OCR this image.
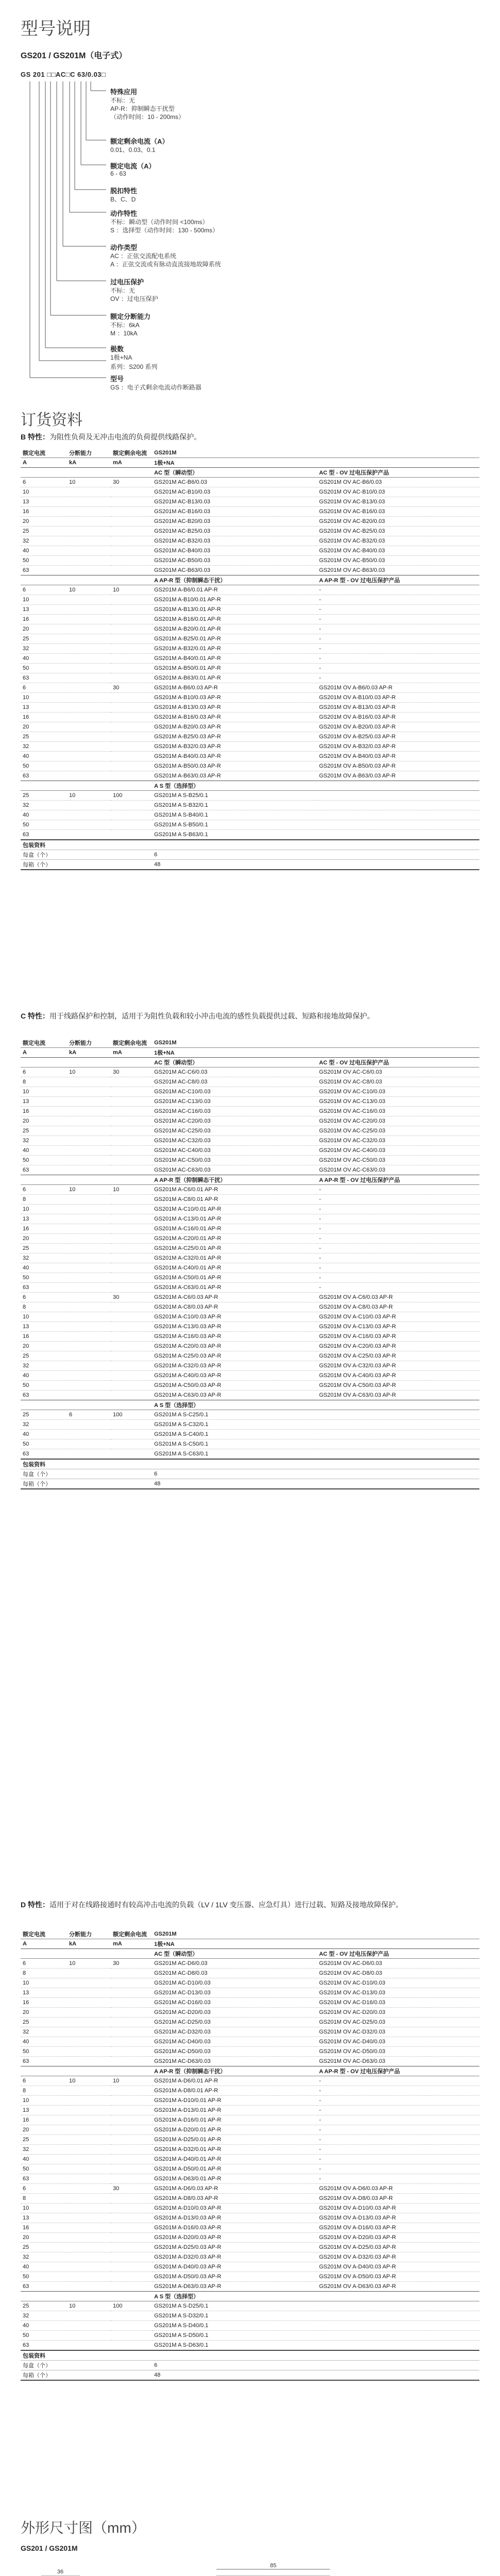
型号说明
GS201 / GS201M（电子式）
GS 201 □□AC□C 63/0.03□
特殊应用
不标：无
AP-R：抑制瞬态干扰型
（动作时间：10 - 200ms）
额定剩余电流（A）
0.01、0.03、0.1
额定电流（A）
6 - 63
脱扣特性
B、C、D
动作特性
不标：瞬动型（动作时间 <100ms）
S ：选择型（动作时间：130 - 500ms）
动作类型
AC ：正弦交流配电系统
A ：正弦交流或有脉动直流接地故障系统
过电压保护
不标：无
OV ：过电压保护
额定分断能力
不标：6kA
M ：10kA
极数
1极+NA
系列：S200 系列
型号
GS ：电子式剩余电流动作断路器
订货资料
B 特性：为阻性负荷及无冲击电流的负荷提供线路保护。
额定电流	分断能力	额定剩余电流	GS201M	
A	kA	mA	1极+NA	
			AC 型（瞬动型）	AC 型 - OV 过电压保护产品
6	10	30	GS201M AC-B6/0.03	GS201M OV AC-B6/0.03
10			GS201M AC-B10/0.03	GS201M OV AC-B10/0.03
13			GS201M AC-B13/0.03	GS201M OV AC-B13/0.03
16			GS201M AC-B16/0.03	GS201M OV AC-B16/0.03
20			GS201M AC-B20/0.03	GS201M OV AC-B20/0.03
25			GS201M AC-B25/0.03	GS201M OV AC-B25/0.03
32			GS201M AC-B32/0.03	GS201M OV AC-B32/0.03
40			GS201M AC-B40/0.03	GS201M OV AC-B40/0.03
50			GS201M AC-B50/0.03	GS201M OV AC-B50/0.03
63			GS201M AC-B63/0.03	GS201M OV AC-B63/0.03
			A AP-R 型（抑制瞬态干扰）	A AP-R 型 - OV 过电压保护产品
6	10	10	GS201M A-B6/0.01 AP-R	-
10			GS201M A-B10/0.01 AP-R	-
13			GS201M A-B13/0.01 AP-R	-
16			GS201M A-B16/0.01 AP-R	-
20			GS201M A-B20/0.01 AP-R	-
25			GS201M A-B25/0.01 AP-R	-
32			GS201M A-B32/0.01 AP-R	-
40			GS201M A-B40/0.01 AP-R	-
50			GS201M A-B50/0.01 AP-R	-
63			GS201M A-B63/0.01 AP-R	-
6		30	GS201M A-B6/0.03 AP-R	GS201M OV A-B6/0.03 AP-R
10			GS201M A-B10/0.03 AP-R	GS201M OV A-B10/0.03 AP-R
13			GS201M A-B13/0.03 AP-R	GS201M OV A-B13/0.03 AP-R
16			GS201M A-B16/0.03 AP-R	GS201M OV A-B16/0.03 AP-R
20			GS201M A-B20/0.03 AP-R	GS201M OV A-B20/0.03 AP-R
25			GS201M A-B25/0.03 AP-R	GS201M OV A-B25/0.03 AP-R
32			GS201M A-B32/0.03 AP-R	GS201M OV A-B32/0.03 AP-R
40			GS201M A-B40/0.03 AP-R	GS201M OV A-B40/0.03 AP-R
50			GS201M A-B50/0.03 AP-R	GS201M OV A-B50/0.03 AP-R
63			GS201M A-B63/0.03 AP-R	GS201M OV A-B63/0.03 AP-R
			A S 型（选择型）	
25	10	100	GS201M A S-B25/0.1	
32			GS201M A S-B32/0.1	
40			GS201M A S-B40/0.1	
50			GS201M A S-B50/0.1	
63			GS201M A S-B63/0.1	
包装资料				
每盒（个）			6	
每箱（个）			48	
C 特性：用于线路保护和控制，适用于为阻性负载和较小冲击电流的感性负载提供过载、短路和接地故障保护。
额定电流	分断能力	额定剩余电流	GS201M	
A	kA	mA	1极+NA	
			AC 型（瞬动型）	AC 型 - OV 过电压保护产品
6	10	30	GS201M AC-C6/0.03	GS201M OV AC-C6/0.03
8			GS201M AC-C8/0.03	GS201M OV AC-C8/0.03
10			GS201M AC-C10/0.03	GS201M OV AC-C10/0.03
13			GS201M AC-C13/0.03	GS201M OV AC-C13/0.03
16			GS201M AC-C16/0.03	GS201M OV AC-C16/0.03
20			GS201M AC-C20/0.03	GS201M OV AC-C20/0.03
25			GS201M AC-C25/0.03	GS201M OV AC-C25/0.03
32			GS201M AC-C32/0.03	GS201M OV AC-C32/0.03
40			GS201M AC-C40/0.03	GS201M OV AC-C40/0.03
50			GS201M AC-C50/0.03	GS201M OV AC-C50/0.03
63			GS201M AC-C63/0.03	GS201M OV AC-C63/0.03
			A AP-R 型（抑制瞬态干扰）	A AP-R 型 - OV 过电压保护产品
6	10	10	GS201M A-C6/0.01 AP-R	-
8			GS201M A-C8/0.01 AP-R	-
10			GS201M A-C10/0.01 AP-R	-
13			GS201M A-C13/0.01 AP-R	-
16			GS201M A-C16/0.01 AP-R	-
20			GS201M A-C20/0.01 AP-R	-
25			GS201M A-C25/0.01 AP-R	-
32			GS201M A-C32/0.01 AP-R	-
40			GS201M A-C40/0.01 AP-R	-
50			GS201M A-C50/0.01 AP-R	-
63			GS201M A-C63/0.01 AP-R	-
6		30	GS201M A-C6/0.03 AP-R	GS201M OV A-C6/0.03 AP-R
8			GS201M A-C8/0.03 AP-R	GS201M OV A-C8/0.03 AP-R
10			GS201M A-C10/0.03 AP-R	GS201M OV A-C10/0.03 AP-R
13			GS201M A-C13/0.03 AP-R	GS201M OV A-C13/0.03 AP-R
16			GS201M A-C16/0.03 AP-R	GS201M OV A-C16/0.03 AP-R
20			GS201M A-C20/0.03 AP-R	GS201M OV A-C20/0.03 AP-R
25			GS201M A-C25/0.03 AP-R	GS201M OV A-C25/0.03 AP-R
32			GS201M A-C32/0.03 AP-R	GS201M OV A-C32/0.03 AP-R
40			GS201M A-C40/0.03 AP-R	GS201M OV A-C40/0.03 AP-R
50			GS201M A-C50/0.03 AP-R	GS201M OV A-C50/0.03 AP-R
63			GS201M A-C63/0.03 AP-R	GS201M OV A-C63/0.03 AP-R
			A S 型（选择型）	
25	6	100	GS201M A S-C25/0.1	
32			GS201M A S-C32/0.1	
40			GS201M A S-C40/0.1	
50			GS201M A S-C50/0.1	
63			GS201M A S-C63/0.1	
包装资料				
每盒（个）			6	
每箱（个）			48	
D 特性：适用于对在线路接通时有较高冲击电流的负载（LV / 1LV 变压器、应急灯具）进行过载、短路及接地故障保护。
额定电流	分断能力	额定剩余电流	GS201M	
A	kA	mA	1极+NA	
			AC 型（瞬动型）	AC 型 - OV 过电压保护产品
6	10	30	GS201M AC-D6/0.03	GS201M OV AC-D6/0.03
8			GS201M AC-D8/0.03	GS201M OV AC-D8/0.03
10			GS201M AC-D10/0.03	GS201M OV AC-D10/0.03
13			GS201M AC-D13/0.03	GS201M OV AC-D13/0.03
16			GS201M AC-D16/0.03	GS201M OV AC-D16/0.03
20			GS201M AC-D20/0.03	GS201M OV AC-D20/0.03
25			GS201M AC-D25/0.03	GS201M OV AC-D25/0.03
32			GS201M AC-D32/0.03	GS201M OV AC-D32/0.03
40			GS201M AC-D40/0.03	GS201M OV AC-D40/0.03
50			GS201M AC-D50/0.03	GS201M OV AC-D50/0.03
63			GS201M AC-D63/0.03	GS201M OV AC-D63/0.03
			A AP-R 型（抑制瞬态干扰）	A AP-R 型 - OV 过电压保护产品
6	10	10	GS201M A-D6/0.01 AP-R	-
8			GS201M A-D8/0.01 AP-R	-
10			GS201M A-D10/0.01 AP-R	-
13			GS201M A-D13/0.01 AP-R	-
16			GS201M A-D16/0.01 AP-R	-
20			GS201M A-D20/0.01 AP-R	-
25			GS201M A-D25/0.01 AP-R	-
32			GS201M A-D32/0.01 AP-R	-
40			GS201M A-D40/0.01 AP-R	-
50			GS201M A-D50/0.01 AP-R	-
63			GS201M A-D63/0.01 AP-R	-
6		30	GS201M A-D6/0.03 AP-R	GS201M OV A-D6/0.03 AP-R
8			GS201M A-D8/0.03 AP-R	GS201M OV A-D8/0.03 AP-R
10			GS201M A-D10/0.03 AP-R	GS201M OV A-D10/0.03 AP-R
13			GS201M A-D13/0.03 AP-R	GS201M OV A-D13/0.03 AP-R
16			GS201M A-D16/0.03 AP-R	GS201M OV A-D16/0.03 AP-R
20			GS201M A-D20/0.03 AP-R	GS201M OV A-D20/0.03 AP-R
25			GS201M A-D25/0.03 AP-R	GS201M OV A-D25/0.03 AP-R
32			GS201M A-D32/0.03 AP-R	GS201M OV A-D32/0.03 AP-R
40			GS201M A-D40/0.03 AP-R	GS201M OV A-D40/0.03 AP-R
50			GS201M A-D50/0.03 AP-R	GS201M OV A-D50/0.03 AP-R
63			GS201M A-D63/0.03 AP-R	GS201M OV A-D63/0.03 AP-R
			A S 型（选择型）	
25	10	100	GS201M A S-D25/0.1	
32			GS201M A S-D32/0.1	
40			GS201M A S-D40/0.1	
50			GS201M A S-D50/0.1	
63			GS201M A S-D63/0.1	
包装资料				
每盒（个）			6	
每箱（个）			48	
外形尺寸图（mm）
GS201 / GS201M
36
85
